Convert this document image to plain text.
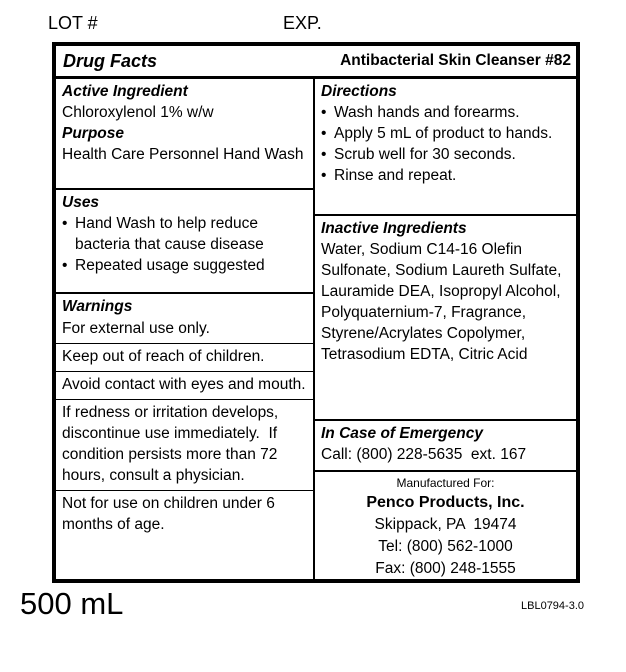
LOT #	EXP.
Drug Facts	Antibacterial Skin Cleanser #82
Active Ingredient
Chloroxylenol 1% w/w
Purpose
Health Care Personnel Hand Wash
Uses
• Hand Wash to help reduce bacteria that cause disease
• Repeated usage suggested
Warnings
For external use only.
Keep out of reach of children.
Avoid contact with eyes and mouth.
If redness or irritation develops, discontinue use immediately.  If condition persists more than 72 hours, consult a physician.
Not for use on children under 6 months of age.
Directions
• Wash hands and forearms.
• Apply 5 mL of product to hands.
• Scrub well for 30 seconds.
• Rinse and repeat.
Inactive Ingredients
Water, Sodium C14-16 Olefin Sulfonate, Sodium Laureth Sulfate, Lauramide DEA, Isopropyl Alcohol, Polyquaternium-7, Fragrance, Styrene/Acrylates Copolymer, Tetrasodium EDTA, Citric Acid
In Case of Emergency
Call: (800) 228-5635  ext. 167
Manufactured For:
Penco Products, Inc.
Skippack, PA  19474
Tel: (800) 562-1000
Fax: (800) 248-1555
500 mL	LBL0794-3.0
